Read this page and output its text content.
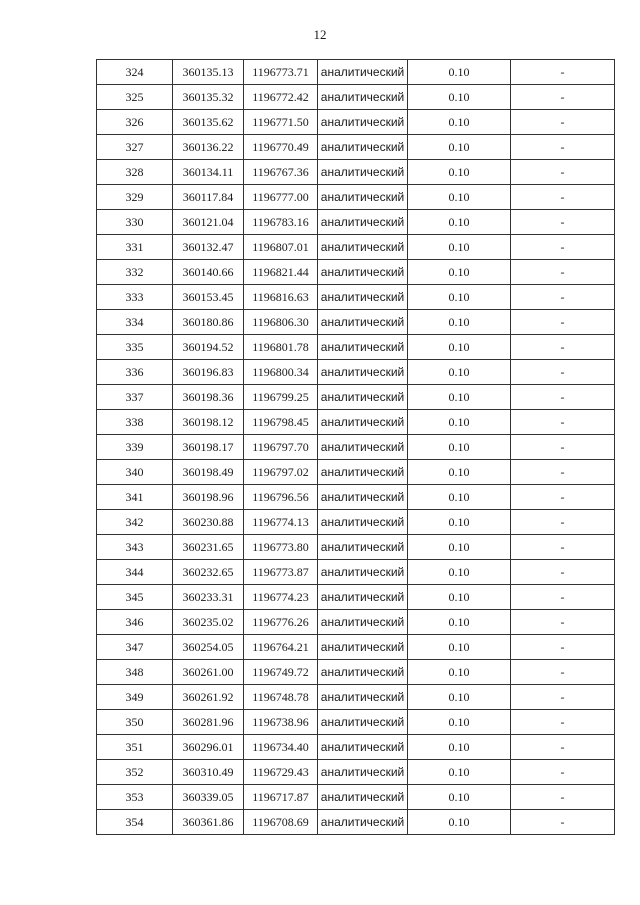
12
324	360135.13	1196773.71	аналитический	0.10	-
325	360135.32	1196772.42	аналитический	0.10	-
326	360135.62	1196771.50	аналитический	0.10	-
327	360136.22	1196770.49	аналитический	0.10	-
328	360134.11	1196767.36	аналитический	0.10	-
329	360117.84	1196777.00	аналитический	0.10	-
330	360121.04	1196783.16	аналитический	0.10	-
331	360132.47	1196807.01	аналитический	0.10	-
332	360140.66	1196821.44	аналитический	0.10	-
333	360153.45	1196816.63	аналитический	0.10	-
334	360180.86	1196806.30	аналитический	0.10	-
335	360194.52	1196801.78	аналитический	0.10	-
336	360196.83	1196800.34	аналитический	0.10	-
337	360198.36	1196799.25	аналитический	0.10	-
338	360198.12	1196798.45	аналитический	0.10	-
339	360198.17	1196797.70	аналитический	0.10	-
340	360198.49	1196797.02	аналитический	0.10	-
341	360198.96	1196796.56	аналитический	0.10	-
342	360230.88	1196774.13	аналитический	0.10	-
343	360231.65	1196773.80	аналитический	0.10	-
344	360232.65	1196773.87	аналитический	0.10	-
345	360233.31	1196774.23	аналитический	0.10	-
346	360235.02	1196776.26	аналитический	0.10	-
347	360254.05	1196764.21	аналитический	0.10	-
348	360261.00	1196749.72	аналитический	0.10	-
349	360261.92	1196748.78	аналитический	0.10	-
350	360281.96	1196738.96	аналитический	0.10	-
351	360296.01	1196734.40	аналитический	0.10	-
352	360310.49	1196729.43	аналитический	0.10	-
353	360339.05	1196717.87	аналитический	0.10	-
354	360361.86	1196708.69	аналитический	0.10	-
